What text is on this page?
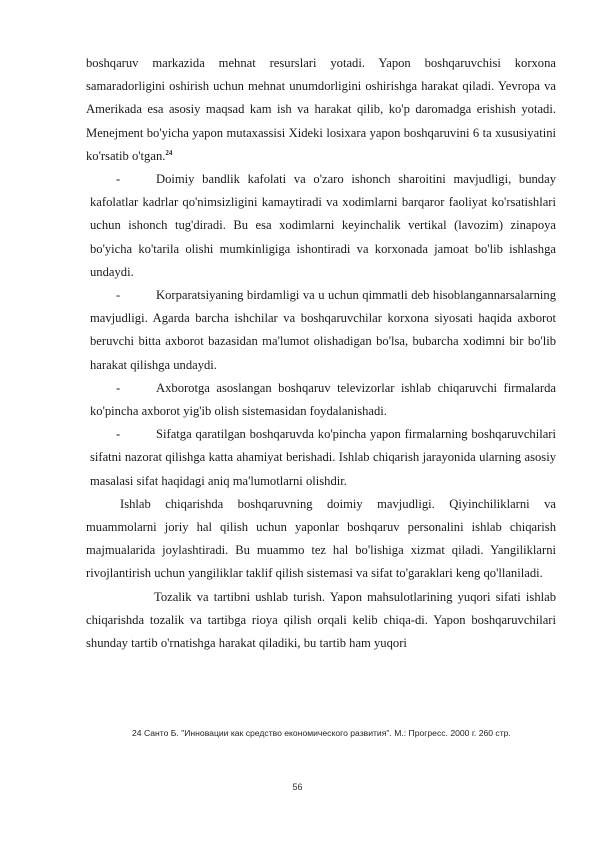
boshqaruv markazida mehnat resurslari yotadi. Yapon boshqaruvchisi korxona samaradorligini oshirish uchun mehnat unumdorligini oshirishga harakat qiladi. Yevropa va Amerikada esa asosiy maqsad kam ish va harakat qilib, ko'p daromadga erishish yotadi. Menejment bo'yicha yapon mutaxassisi Xideki losixara yapon boshqaruvini 6 ta xususiyatini ko'rsatib o'tgan.$^{24}$

-	Doimiy bandlik kafolati va o'zaro ishonch sharoitini mavjudligi, bunday kafolatlar kadrlar qo'nimsizligini kamaytiradi va xodimlarni barqaror faoliyat ko'rsatishlari uchun ishonch tug'diradi. Bu esa xodimlarni keyinchalik vertikal (lavozim) zinapoya bo'yicha ko'tarila olishi mumkinligiga ishontiradi va korxonada jamoat bo'lib ishlashga undaydi.

-	Korparatsiyaning birdamligi va u uchun qimmatli deb hisoblangannarsalarning mavjudligi. Agarda barcha ishchilar va boshqaruvchilar korxona siyosati haqida axborot beruvchi bitta axborot bazasidan ma'lumot olishadigan bo'lsa, bubarcha xodimni bir bo'lib harakat qilishga undaydi.

-	Axborotga asoslangan boshqaruv televizorlar ishlab chiqaruvchi firmalarda ko'pincha axborot yig'ib olish sistemasidan foydalanishadi.

-	Sifatga qaratilgan boshqaruvda ko'pincha yapon firmalarning boshqaruvchilari sifatni nazorat qilishga katta ahamiyat berishadi. Ishlab chiqarish jarayonida ularning asosiy masalasi sifat haqidagi aniq ma'lumotlarni olishdir.

Ishlab chiqarishda boshqaruvning doimiy mavjudligi. Qiyinchiliklarni va muammolarni joriy hal qilish uchun yaponlar boshqaruv personalini ishlab chiqarish majmualarida joylashtiradi. Bu muammo tez hal bo'lishiga xizmat qiladi. Yangiliklarni rivojlantirish uchun yangiliklar taklif qilish sistemasi va sifat to'garaklari keng qo'llaniladi.

Tozalik va tartibni ushlab turish. Yapon mahsulotlarining yuqori sifati ishlab chiqarishda tozalik va tartibga rioya qilish orqali kelib chiqa-di. Yapon boshqaruvchilari shunday tartib o'rnatishga harakat qiladiki, bu tartib ham yuqori

24 Санто Б. "Инновации как средство економического развития". М.: Прогресс. 2000 г. 260 стр.
56
